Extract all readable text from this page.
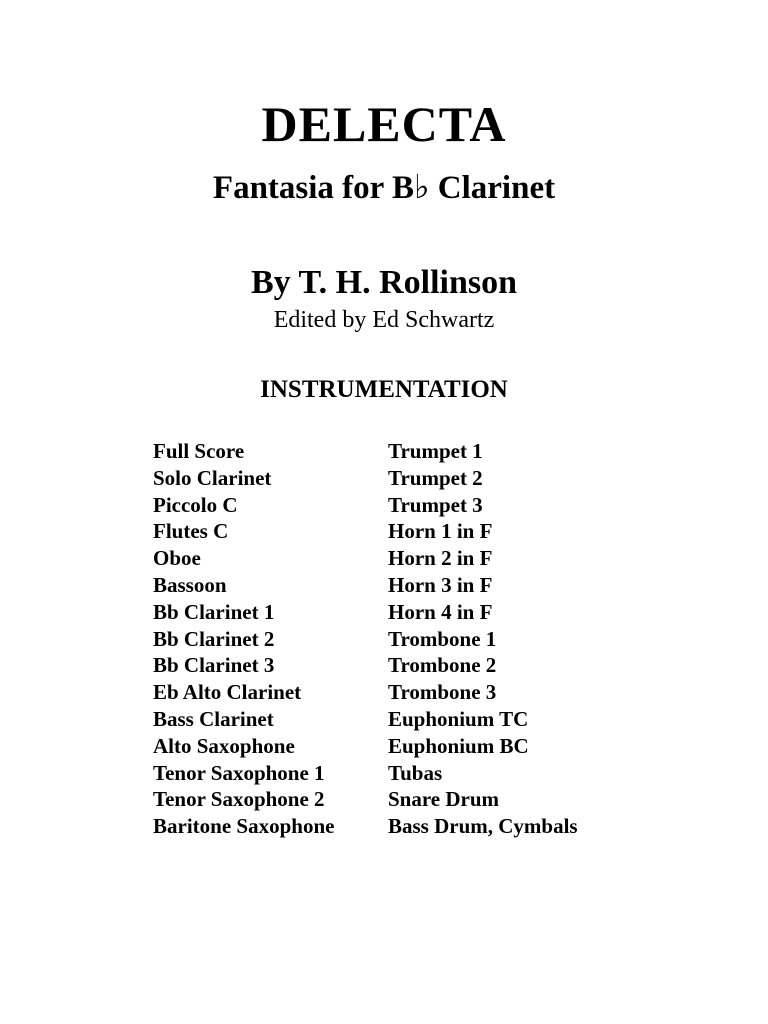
DELECTA
Fantasia for B♭ Clarinet
By T. H. Rollinson
Edited by Ed Schwartz
INSTRUMENTATION
Full Score
Solo Clarinet
Piccolo C
Flutes C
Oboe
Bassoon
Bb Clarinet 1
Bb Clarinet 2
Bb Clarinet 3
Eb Alto Clarinet
Bass Clarinet
Alto Saxophone
Tenor Saxophone 1
Tenor Saxophone 2
Baritone Saxophone
Trumpet 1
Trumpet 2
Trumpet 3
Horn 1 in F
Horn 2 in F
Horn 3 in F
Horn 4 in F
Trombone 1
Trombone 2
Trombone 3
Euphonium TC
Euphonium BC
Tubas
Snare Drum
Bass Drum, Cymbals
